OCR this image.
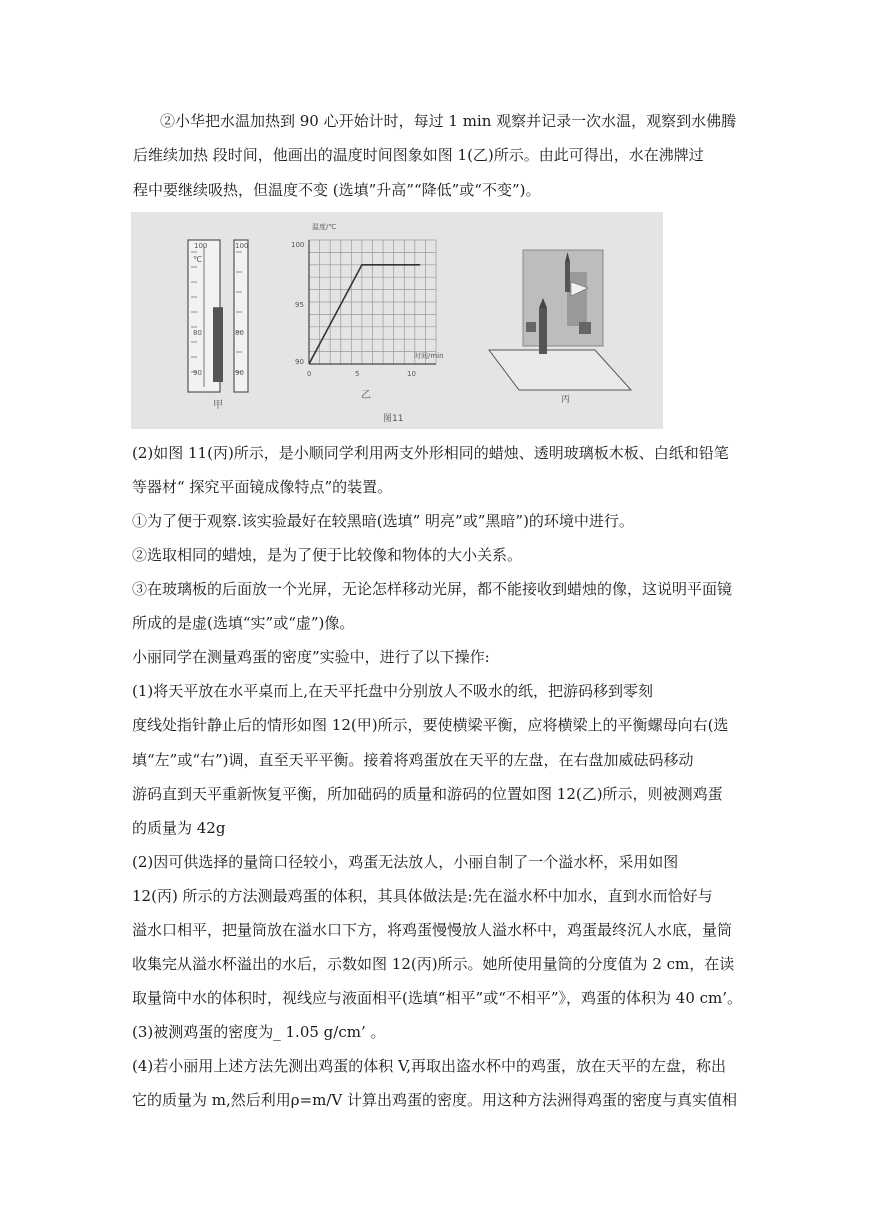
②小华把水温加热到 90 心开始计时，每过 1 min 观察并记录一次水温，观察到水佛腾
后维续加热 段时间，他画出的温度时间图象如图 1(乙)所示。由此可得出，水在沸牌过
程中要继续吸热，但温度不变 (选填”升高”“降低”或“不变”)。
100	100
℃
80	80
90	90
甲
温度/℃
时间/min
100
95
90
0	5	10
乙
图11
丙
(2)如图 11(丙)所示，是小顺同学利用两支外形相同的蜡烛、透明玻璃板木板、白纸和铅笔
等器材“ 探究平面镜成像特点”的装置。
①为了便于观察.该实验最好在较黑暗(选填” 明亮”或”黑暗”)的环境中进行。
②选取相同的蜡烛，是为了便于比较像和物体的大小关系。
③在玻璃板的后面放一个光屏，无论怎样移动光屏，都不能接收到蜡烛的像，这说明平面镜
所成的是虚(选填“实”或“虚”)像。
小丽同学在测量鸡蛋的密度”实验中，进行了以下操作:
(1)将天平放在水平桌而上,在天平托盘中分别放人不吸水的纸，把游码移到零刻
度线处指针静止后的情形如图 12(甲)所示，要使横梁平衡，应将横梁上的平衡螺母向右(选
填“左”或“右”)调，直至天平平衡。接着将鸡蛋放在天平的左盘，在右盘加威砝码移动
游码直到天平重新恢复平衡，所加础码的质量和游码的位置如图 12(乙)所示，则被测鸡蛋
的质量为 42g
(2)因可供选择的量筒口径较小，鸡蛋无法放人，小丽自制了一个溢水杯，采用如图
12(丙) 所示的方法测最鸡蛋的体积，其具体做法是:先在溢水杯中加水，直到水而恰好与
溢水口相平，把量筒放在溢水口下方，将鸡蛋慢慢放人溢水杯中，鸡蛋最终沉人水底，量筒
收集完从溢水杯溢出的水后，示数如图 12(丙)所示。她所使用量筒的分度值为 2 cm，在读
取量筒中水的体积时，视线应与液面相平(选填“相平”或“不相平”》，鸡蛋的体积为 40 cm’。
(3)被测鸡蛋的密度为_ 1.05 g/cm’ 。
(4)若小丽用上述方法先测出鸡蛋的体积 V,再取出盗水杯中的鸡蛋，放在天平的左盘，称出
它的质量为 m,然后利用ρ=m/V 计算出鸡蛋的密度。用这种方法洲得鸡蛋的密度与真实值相
